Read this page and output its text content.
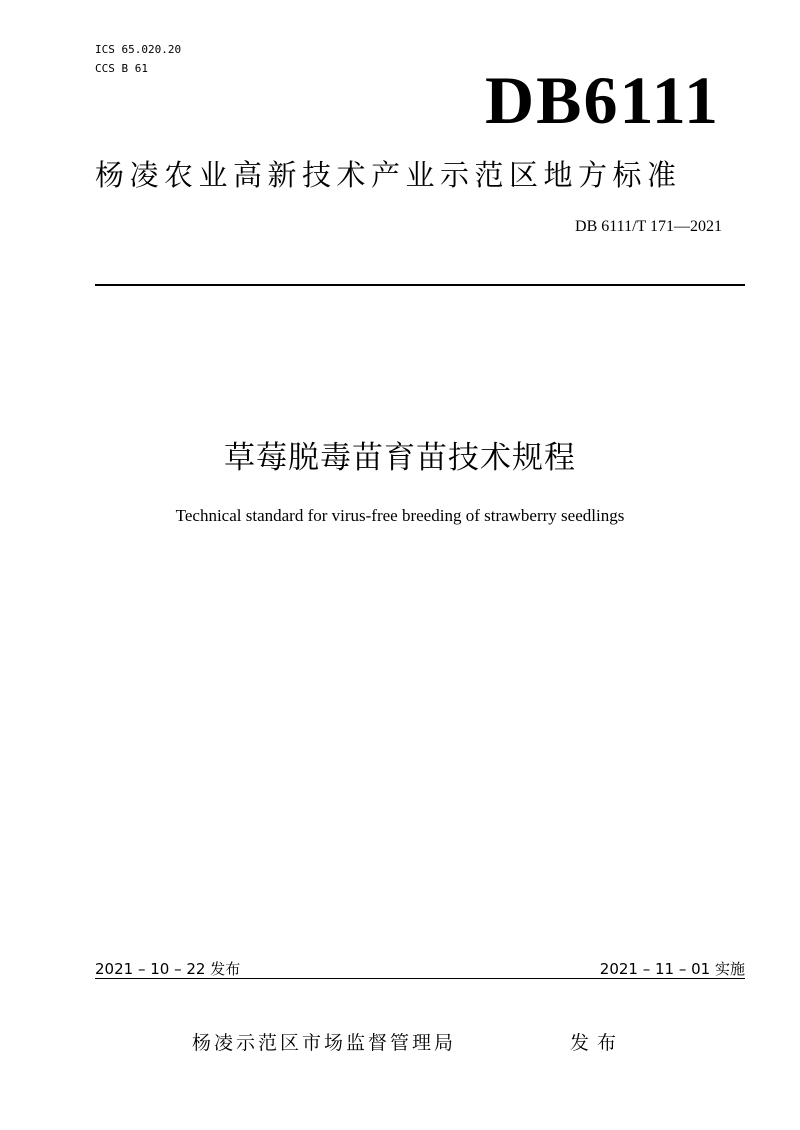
ICS 65.020.20
CCS B 61	DB6111
杨凌农业高新技术产业示范区地方标准
DB 6111/T 171—2021
草莓脱毒苗育苗技术规程
Technical standard for virus-free breeding of strawberry seedlings
2021 – 10 – 22 发布	2021 – 11 – 01 实施
杨凌示范区市场监督管理局	发布
